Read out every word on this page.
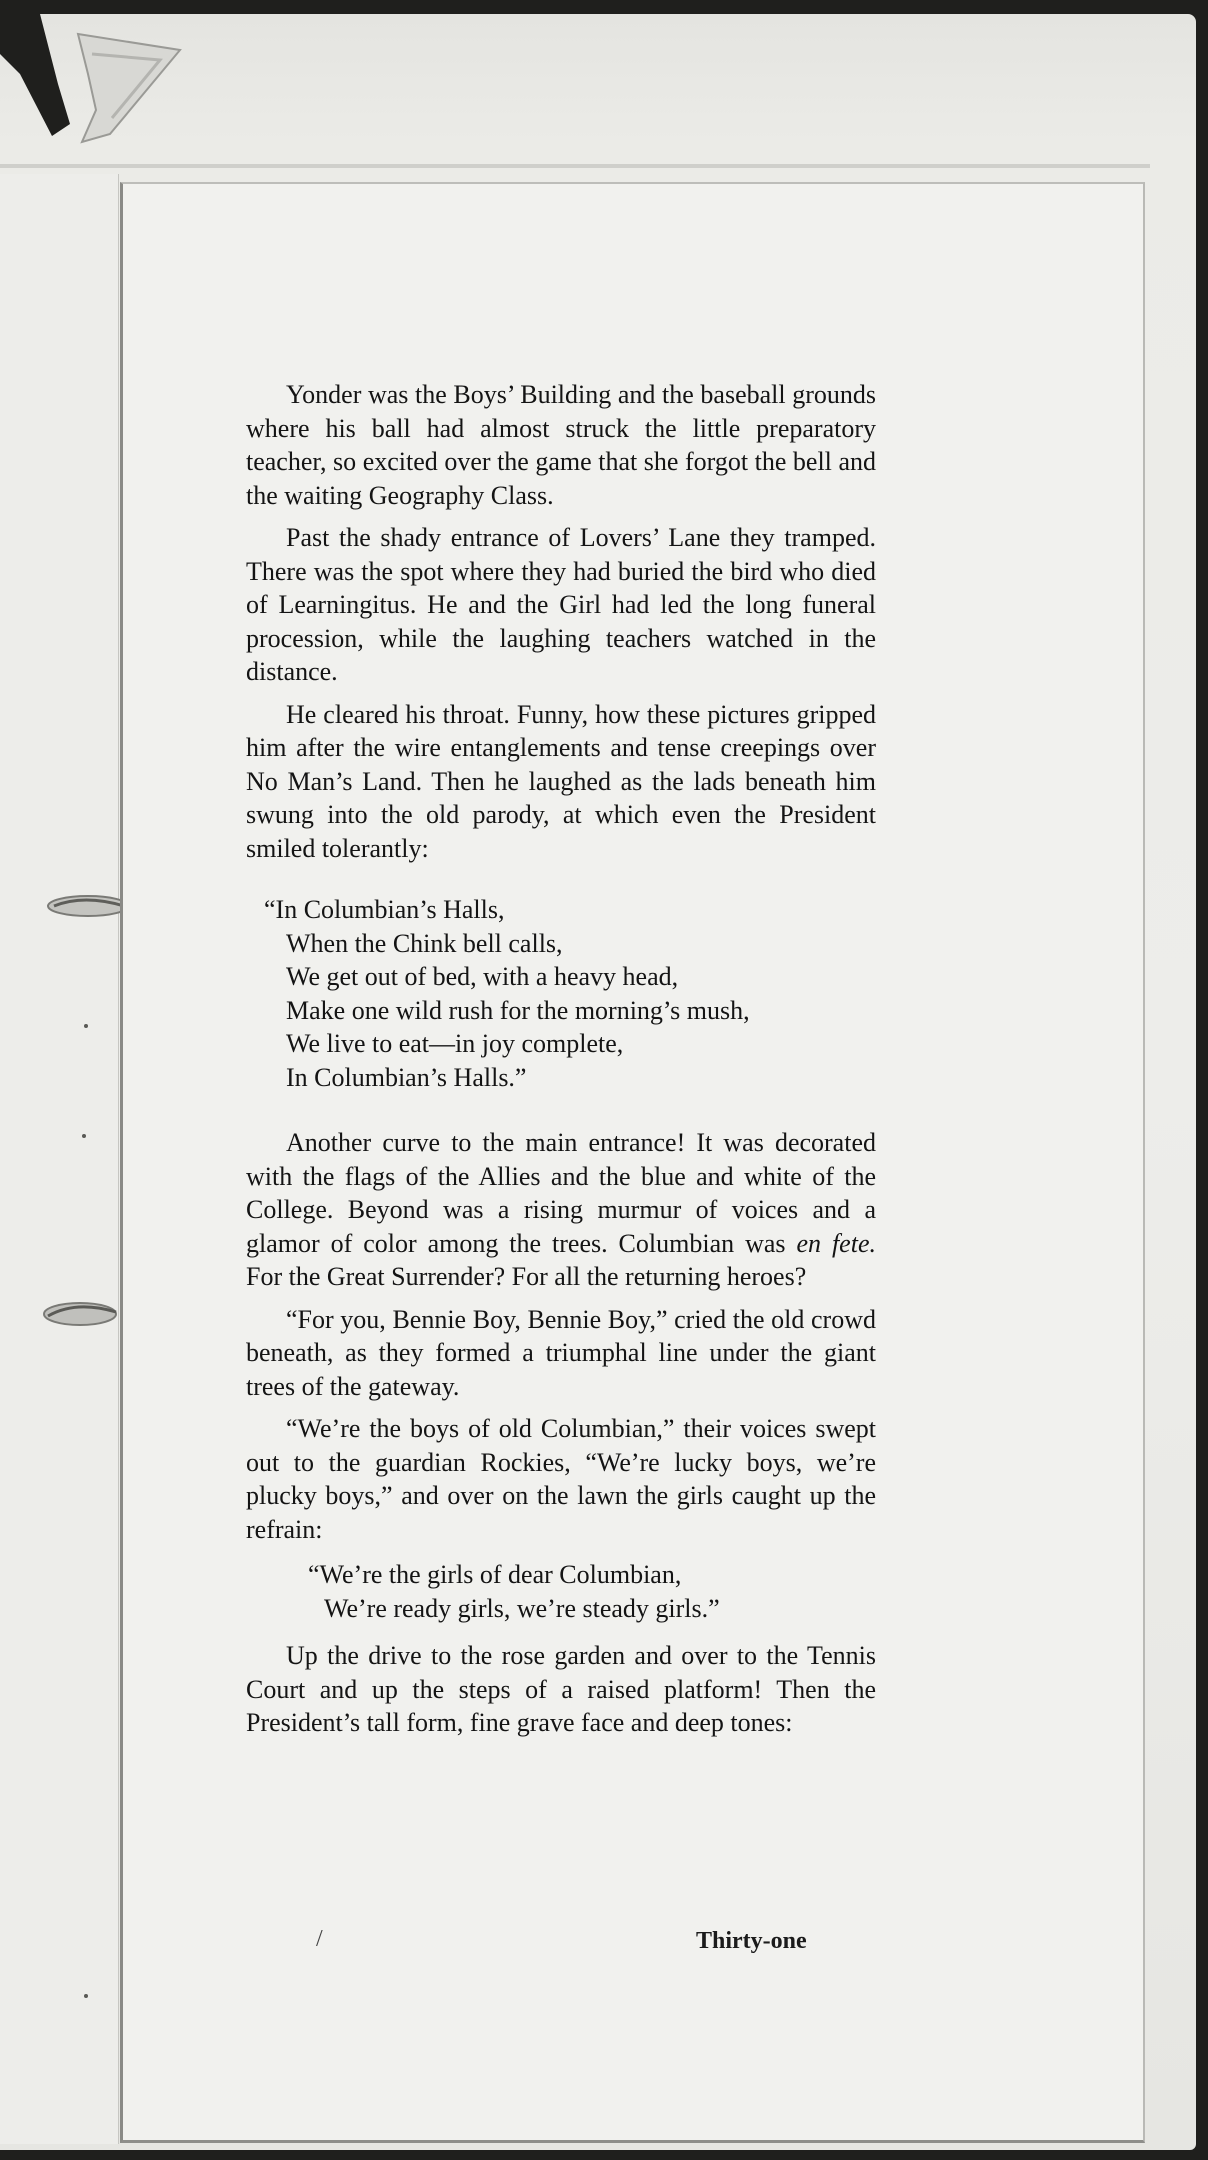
Yonder was the Boys’ Building and the baseball grounds where his ball had almost struck the little preparatory teacher, so excited over the game that she forgot the bell and the waiting Geography Class.

Past the shady entrance of Lovers’ Lane they tramped. There was the spot where they had buried the bird who died of Learningitus. He and the Girl had led the long funeral procession, while the laughing teachers watched in the distance.

He cleared his throat. Funny, how these pictures gripped him after the wire entanglements and tense creepings over No Man’s Land. Then he laughed as the lads beneath him swung into the old parody, at which even the President smiled tolerantly:

“In Columbian’s Halls,
When the Chink bell calls,
We get out of bed, with a heavy head,
Make one wild rush for the morning’s mush,
We live to eat—in joy complete,
In Columbian’s Halls.”

Another curve to the main entrance! It was decorated with the flags of the Allies and the blue and white of the College. Beyond was a rising murmur of voices and a glamor of color among the trees. Columbian was en fete. For the Great Surrender? For all the returning heroes?

“For you, Bennie Boy, Bennie Boy,” cried the old crowd beneath, as they formed a triumphal line under the giant trees of the gateway.

“We’re the boys of old Columbian,” their voices swept out to the guardian Rockies, “We’re lucky boys, we’re plucky boys,” and over on the lawn the girls caught up the refrain:

“We’re the girls of dear Columbian,
We’re ready girls, we’re steady girls.”

Up the drive to the rose garden and over to the Tennis Court and up the steps of a raised platform! Then the President’s tall form, fine grave face and deep tones:

/	Thirty-one
